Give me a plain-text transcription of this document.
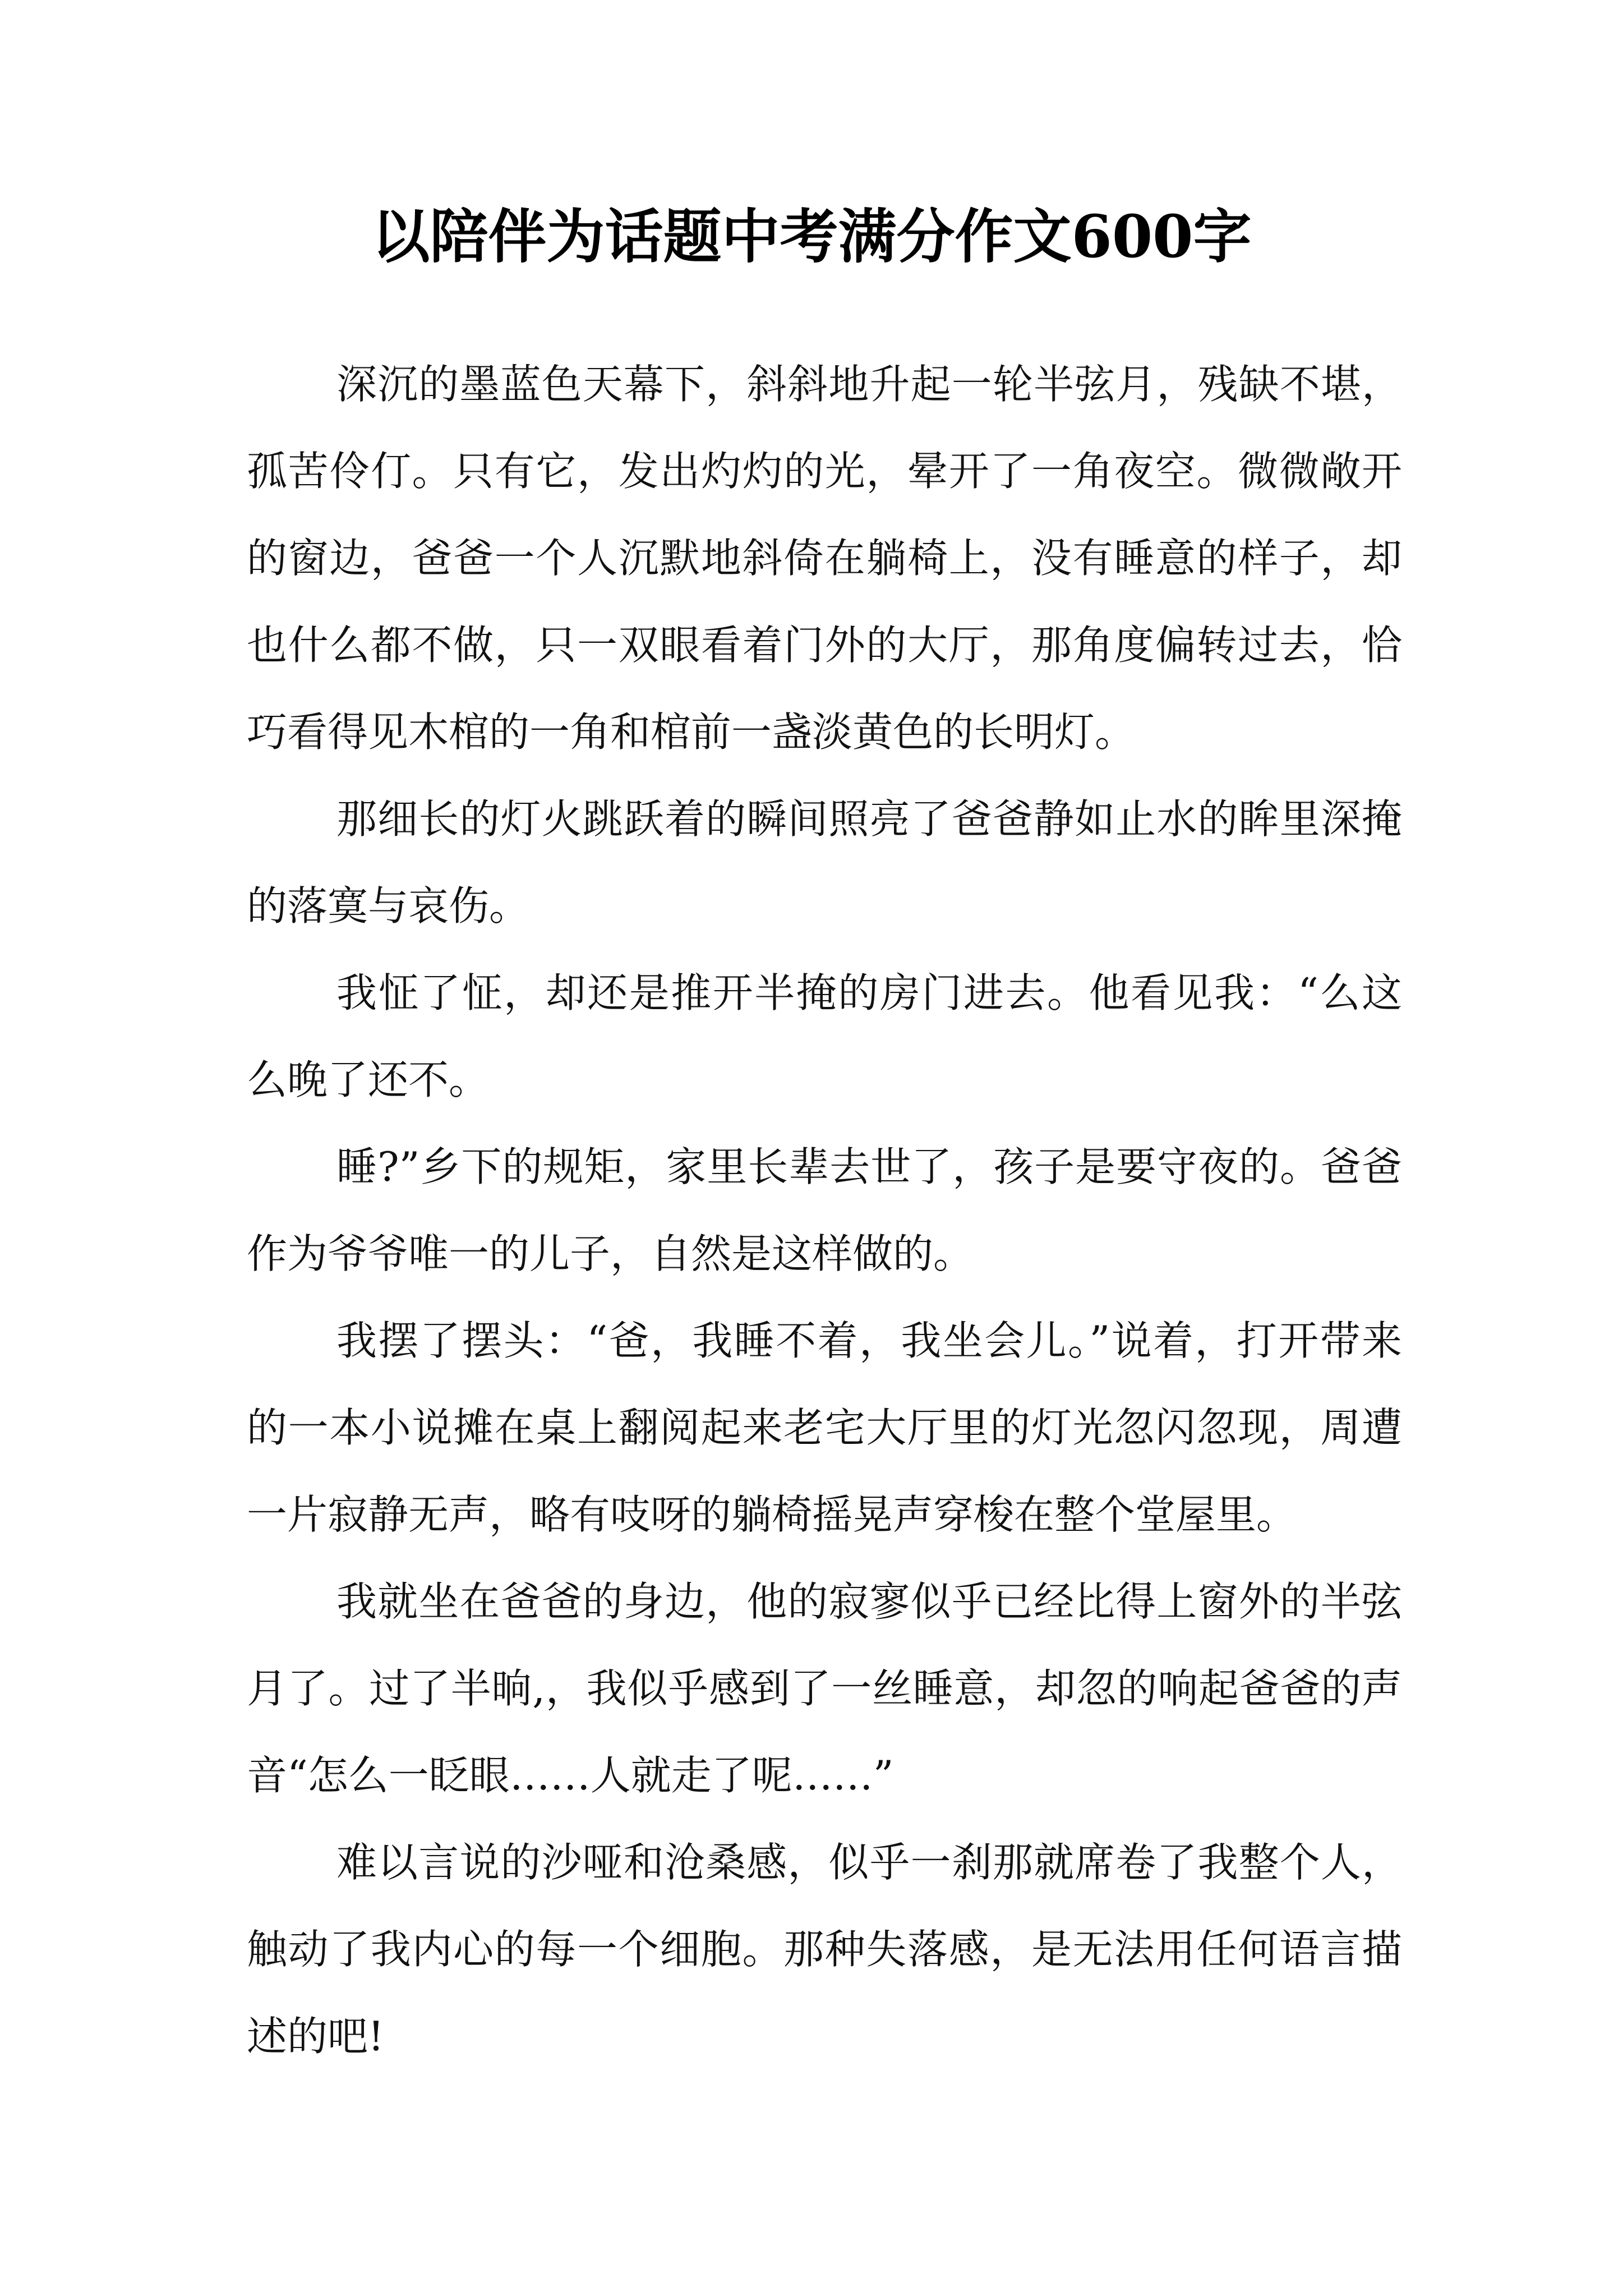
以陪伴为话题中考满分作文600字

深沉的墨蓝色天幕下，斜斜地升起一轮半弦月，残缺不堪，孤苦伶仃。只有它，发出灼灼的光，晕开了一角夜空。微微敞开的窗边，爸爸一个人沉默地斜倚在躺椅上，没有睡意的样子，却也什么都不做，只一双眼看着门外的大厅，那角度偏转过去，恰巧看得见木棺的一角和棺前一盏淡黄色的长明灯。

那细长的灯火跳跃着的瞬间照亮了爸爸静如止水的眸里深掩的落寞与哀伤。

我怔了怔，却还是推开半掩的房门进去。他看见我：“么这么晚了还不。

睡?”乡下的规矩，家里长辈去世了，孩子是要守夜的。爸爸作为爷爷唯一的儿子，自然是这样做的。

我摆了摆头：“爸，我睡不着，我坐会儿。”说着，打开带来的一本小说摊在桌上翻阅起来老宅大厅里的灯光忽闪忽现，周遭一片寂静无声，略有吱呀的躺椅摇晃声穿梭在整个堂屋里。

我就坐在爸爸的身边，他的寂寥似乎已经比得上窗外的半弦月了。过了半晌,，我似乎感到了一丝睡意，却忽的响起爸爸的声音“怎么一眨眼……人就走了呢……”

难以言说的沙哑和沧桑感，似乎一刹那就席卷了我整个人，触动了我内心的每一个细胞。那种失落感，是无法用任何语言描述的吧!
